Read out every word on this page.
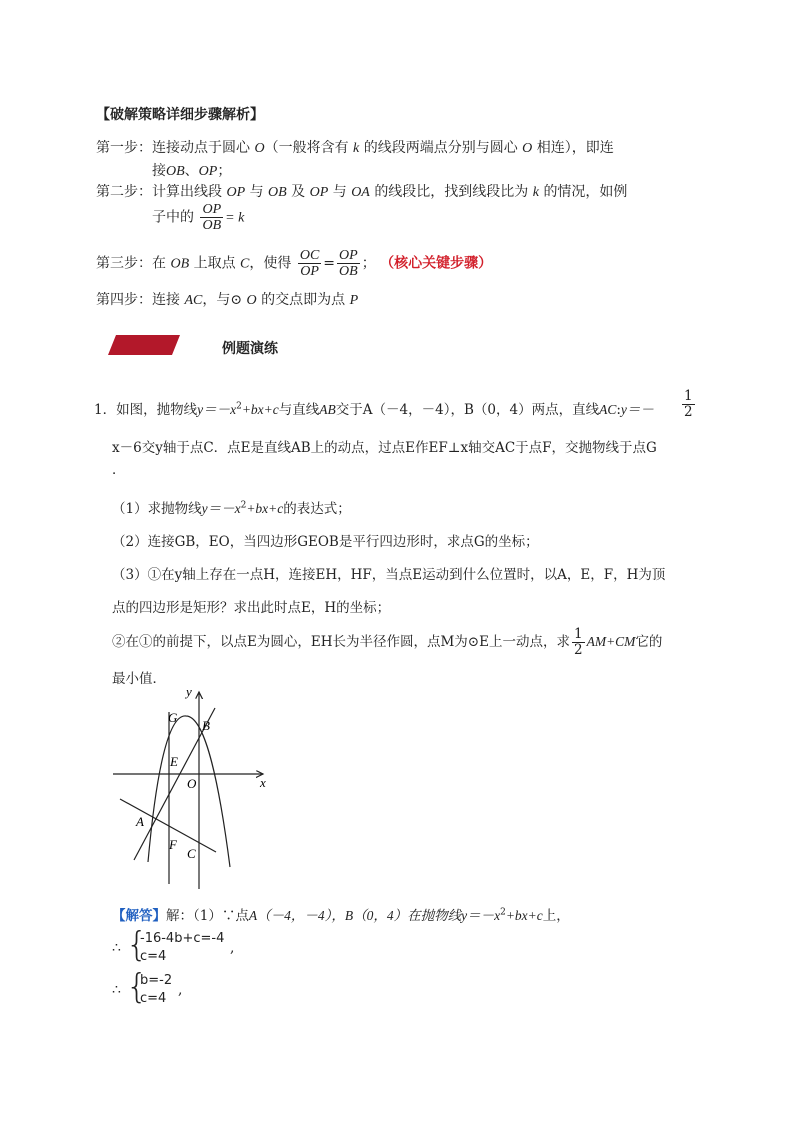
【破解策略详细步骤解析】
第一步：连接动点于圆心 O（一般将含有 k 的线段两端点分别与圆心 O 相连），即连
接OB、OP；
第二步：计算出线段 OP 与 OB 及 OP 与 OA 的线段比，找到线段比为 k 的情况，如例
子中的 $\frac{OP}{OB} = k$
第三步：在 OB 上取点 C，使得 $\frac{OC}{OP} = \frac{OP}{OB}$ ； （核心关键步骤）
第四步：连接 AC，与⊙ O 的交点即为点 P
例题演练
1．如图，抛物线$y=-x^2+bx+c$与直线AB交于A（－4，－4），B（0，4）两点，直线AC:y＝－ $\frac{1}{2}$
x－6交y轴于点C．点E是直线AB上的动点，过点E作EF⊥x轴交AC于点F，交抛物线于点G
．
（1）求抛物线$y=-x^2+bx+c$的表达式；
（2）连接GB，EO，当四边形GEOB是平行四边形时，求点G的坐标；
（3）①在y轴上存在一点H，连接EH，HF，当点E运动到什么位置时，以A，E，F，H为顶
点的四边形是矩形？求出此时点E，H的坐标；
②在①的前提下，以点E为圆心，EH长为半径作圆，点M为⊙E上一动点，求 $\frac{1}{2} AM+CM$它的
最小值．
y
x
O
G
B
E
A
F
C
【解答】解：（1）∵点A（－4，－4），B（0，4）在抛物线$y=-x^2+bx+c$上，
∴ {
-16-4b+c=-4
c=4
,
∴ {
b=-2
c=4
,
